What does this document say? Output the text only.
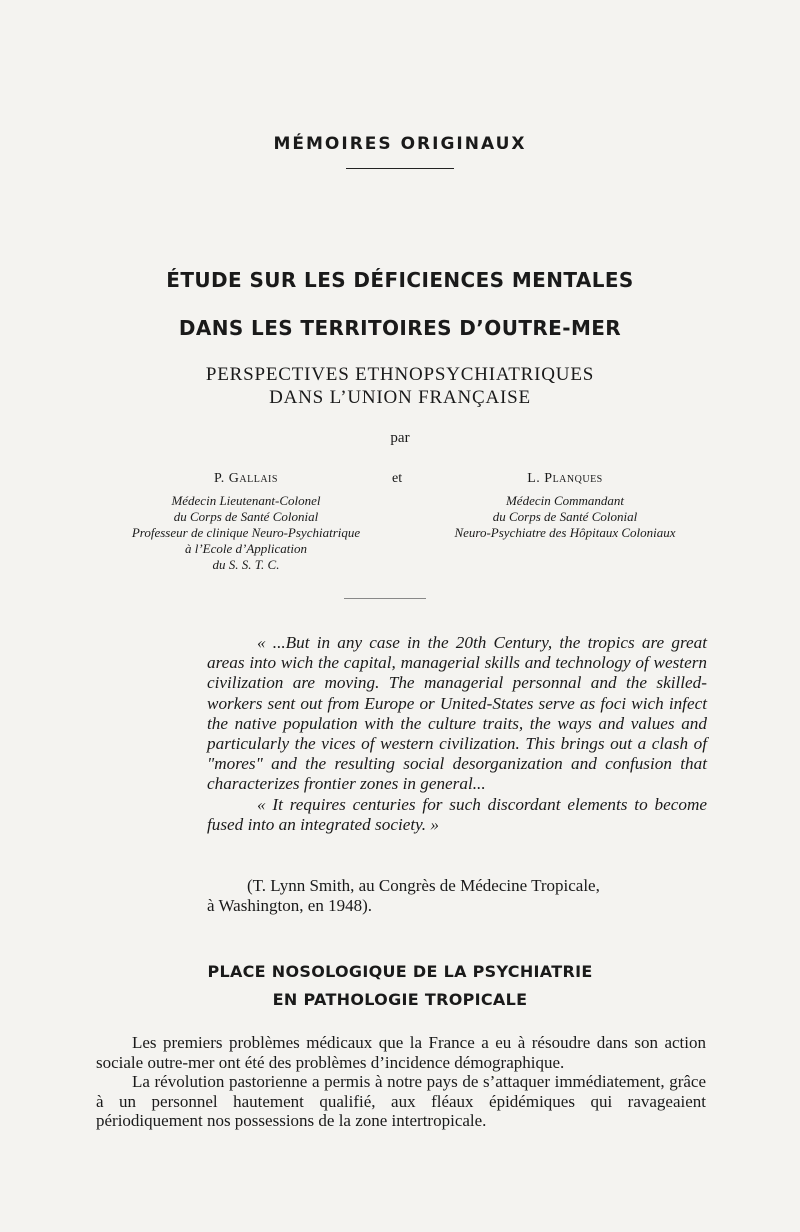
MÉMOIRES ORIGINAUX
ÉTUDE SUR LES DÉFICIENCES MENTALES
DANS LES TERRITOIRES D’OUTRE-MER
PERSPECTIVES ETHNOPSYCHIATRIQUES
DANS L’UNION FRANÇAISE
par
P. Gallais
Médecin Lieutenant-Colonel
du Corps de Santé Colonial
Professeur de clinique Neuro-Psychiatrique
à l’Ecole d’Application
du S. S. T. C.
et	L. Planques
Médecin Commandant
du Corps de Santé Colonial
Neuro-Psychiatre des Hôpitaux Coloniaux

« ...But in any case in the 20th Century, the tropics are great areas into wich the capital, managerial skills and technology of western civilization are moving. The managerial personnal and the skilled-workers sent out from Europe or United-States serve as foci wich infect the native population with the culture traits, the ways and values and particularly the vices of western civilization. This brings out a clash of "mores" and the resulting social desorganization and confusion that characterizes frontier zones in general...

« It requires centuries for such discordant elements to become fused into an integrated society. »

(T. Lynn Smith, au Congrès de Médecine Tropicale,

à Washington, en 1948).

PLACE NOSOLOGIQUE DE LA PSYCHIATRIE
EN PATHOLOGIE TROPICALE

Les premiers problèmes médicaux que la France a eu à résoudre dans son action sociale outre-mer ont été des problèmes d’incidence démographique.

La révolution pastorienne a permis à notre pays de s’attaquer immédiatement, grâce à un personnel hautement qualifié, aux fléaux épidémiques qui ravageaient périodiquement nos possessions de la zone intertropicale.
